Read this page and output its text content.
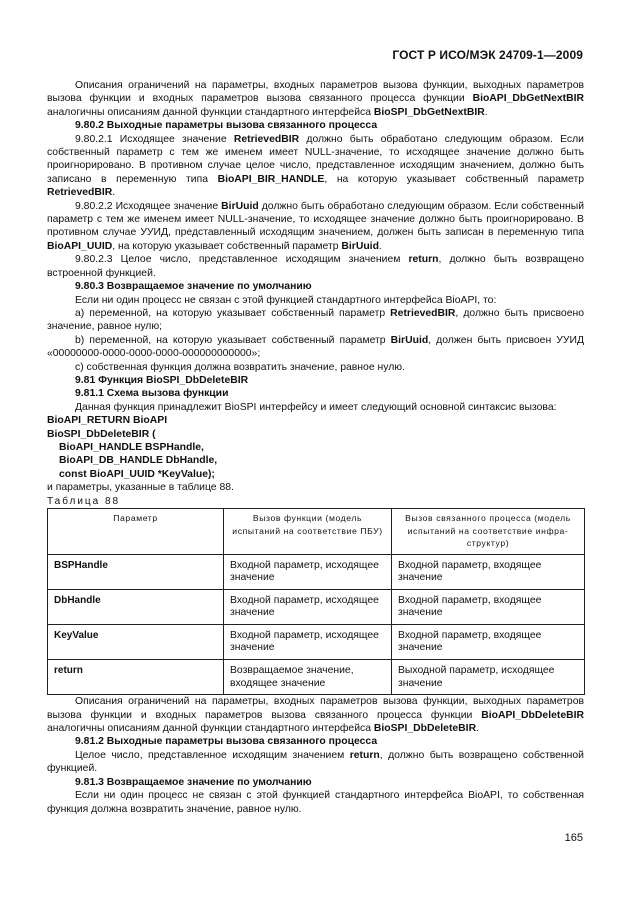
ГОСТ Р ИСО/МЭК 24709-1—2009

Описания ограничений на параметры, входных параметров вызова функции, выходных параметров вызова функции и входных параметров вызова связанного процесса функции BioAPI_DbGetNextBIR аналогичны описаниям данной функции стандартного интерфейса BioSPI_DbGetNextBIR.

9.80.2 Выходные параметры вызова связанного процесса

9.80.2.1 Исходящее значение RetrievedBIR должно быть обработано следующим образом. Если собственный параметр с тем же именем имеет NULL-значение, то исходящее значение должно быть проигнорировано. В противном случае целое число, представленное исходящим значением, должно быть записано в переменную типа BioAPI_BIR_HANDLE, на которую указывает собственный параметр RetrievedBIR.

9.80.2.2 Исходящее значение BirUuid должно быть обработано следующим образом. Если собственный параметр с тем же именем имеет NULL-значение, то исходящее значение должно быть проигнорировано. В противном случае УУИД, представленный исходящим значением, должен быть записан в переменную типа BioAPI_UUID, на которую указывает собственный параметр BirUuid.

9.80.2.3 Целое число, представленное исходящим значением return, должно быть возвращено встроенной функцией.

9.80.3 Возвращаемое значение по умолчанию

Если ни один процесс не связан с этой функцией стандартного интерфейса BioAPI, то:

a) переменной, на которую указывает собственный параметр RetrievedBIR, должно быть присвоено значение, равное нулю;

b) переменной, на которую указывает собственный параметр BirUuid, должен быть присвоен УУИД «00000000-0000-0000-0000-000000000000»;

c) собственная функция должна возвратить значение, равное нулю.

9.81 Функция BioSPI_DbDeleteBIR

9.81.1 Схема вызова функции

Данная функция принадлежит BioSPI интерфейсу и имеет следующий основной синтаксис вызова:

BioAPI_RETURN BioAPI

BioSPI_DbDeleteBIR (

BioAPI_HANDLE BSPHandle,

BioAPI_DB_HANDLE DbHandle,

const BioAPI_UUID *KeyValue);

и параметры, указанные в таблице 88.

Таблица 88

Параметр	Вызов функции (модель испытаний на соответствие ПБУ)	Вызов связанного процесса (модель испытаний на соответствие инфра- структур)
BSPHandle	Входной параметр, исходящее значение	Входной параметр, входящее значение
DbHandle	Входной параметр, исходящее значение	Входной параметр, входящее значение
KeyValue	Входной параметр, исходящее значение	Входной параметр, входящее значение
return	Возвращаемое значение, входящее значение	Выходной параметр, исходящее значение

Описания ограничений на параметры, входных параметров вызова функции, выходных параметров вызова функции и входных параметров вызова связанного процесса функции BioAPI_DbDeleteBIR аналогичны описаниям данной функции стандартного интерфейса BioSPI_DbDeleteBIR.

9.81.2 Выходные параметры вызова связанного процесса

Целое число, представленное исходящим значением return, должно быть возвращено собственной функцией.

9.81.3 Возвращаемое значение по умолчанию

Если ни один процесс не связан с этой функцией стандартного интерфейса BioAPI, то собственная функция должна возвратить значение, равное нулю.

165
